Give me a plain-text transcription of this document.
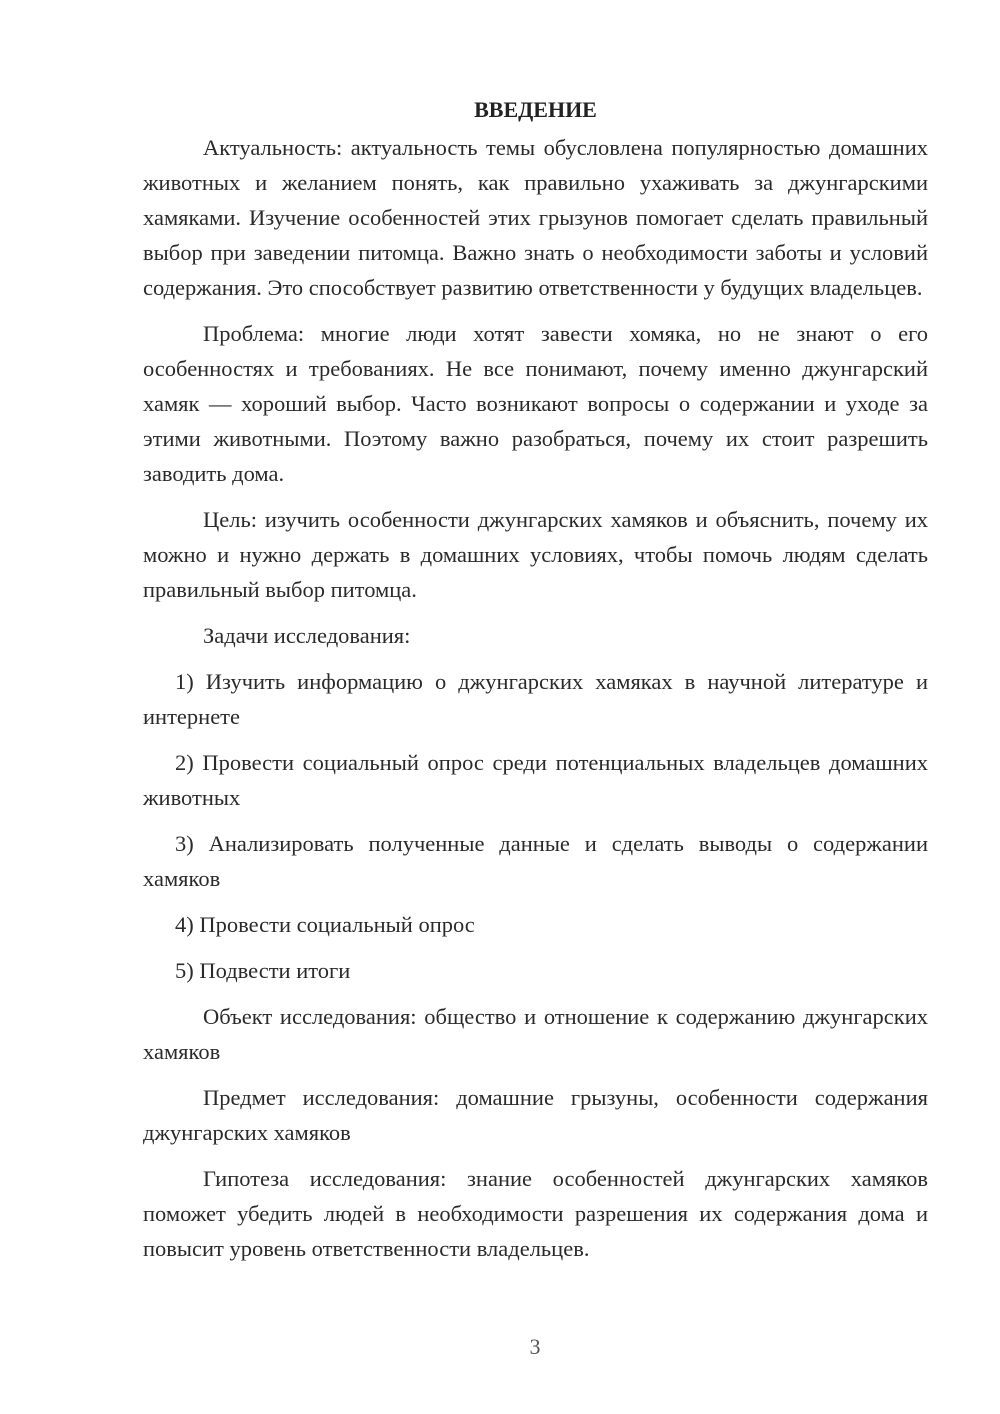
ВВЕДЕНИЕ

Актуальность: актуальность темы обусловлена популярностью домашних животных и желанием понять, как правильно ухаживать за джунгарскими хамяками. Изучение особенностей этих грызунов помогает сделать правильный выбор при заведении питомца. Важно знать о необходимости заботы и условий содержания. Это способствует развитию ответственности у будущих владельцев.

Проблема: многие люди хотят завести хомяка, но не знают о его особенностях и требованиях. Не все понимают, почему именно джунгарский хамяк — хороший выбор. Часто возникают вопросы о содержании и уходе за этими животными. Поэтому важно разобраться, почему их стоит разрешить заводить дома.

Цель: изучить особенности джунгарских хамяков и объяснить, почему их можно и нужно держать в домашних условиях, чтобы помочь людям сделать правильный выбор питомца.

Задачи исследования:

1) Изучить информацию о джунгарских хамяках в научной литературе и интернете

2) Провести социальный опрос среди потенциальных владельцев домашних животных

3) Анализировать полученные данные и сделать выводы о содержании хамяков

4) Провести социальный опрос

5) Подвести итоги

Объект исследования: общество и отношение к содержанию джунгарских хамяков

Предмет исследования: домашние грызуны, особенности содержания джунгарских хамяков

Гипотеза исследования: знание особенностей джунгарских хамяков поможет убедить людей в необходимости разрешения их содержания дома и повысит уровень ответственности владельцев.

3
